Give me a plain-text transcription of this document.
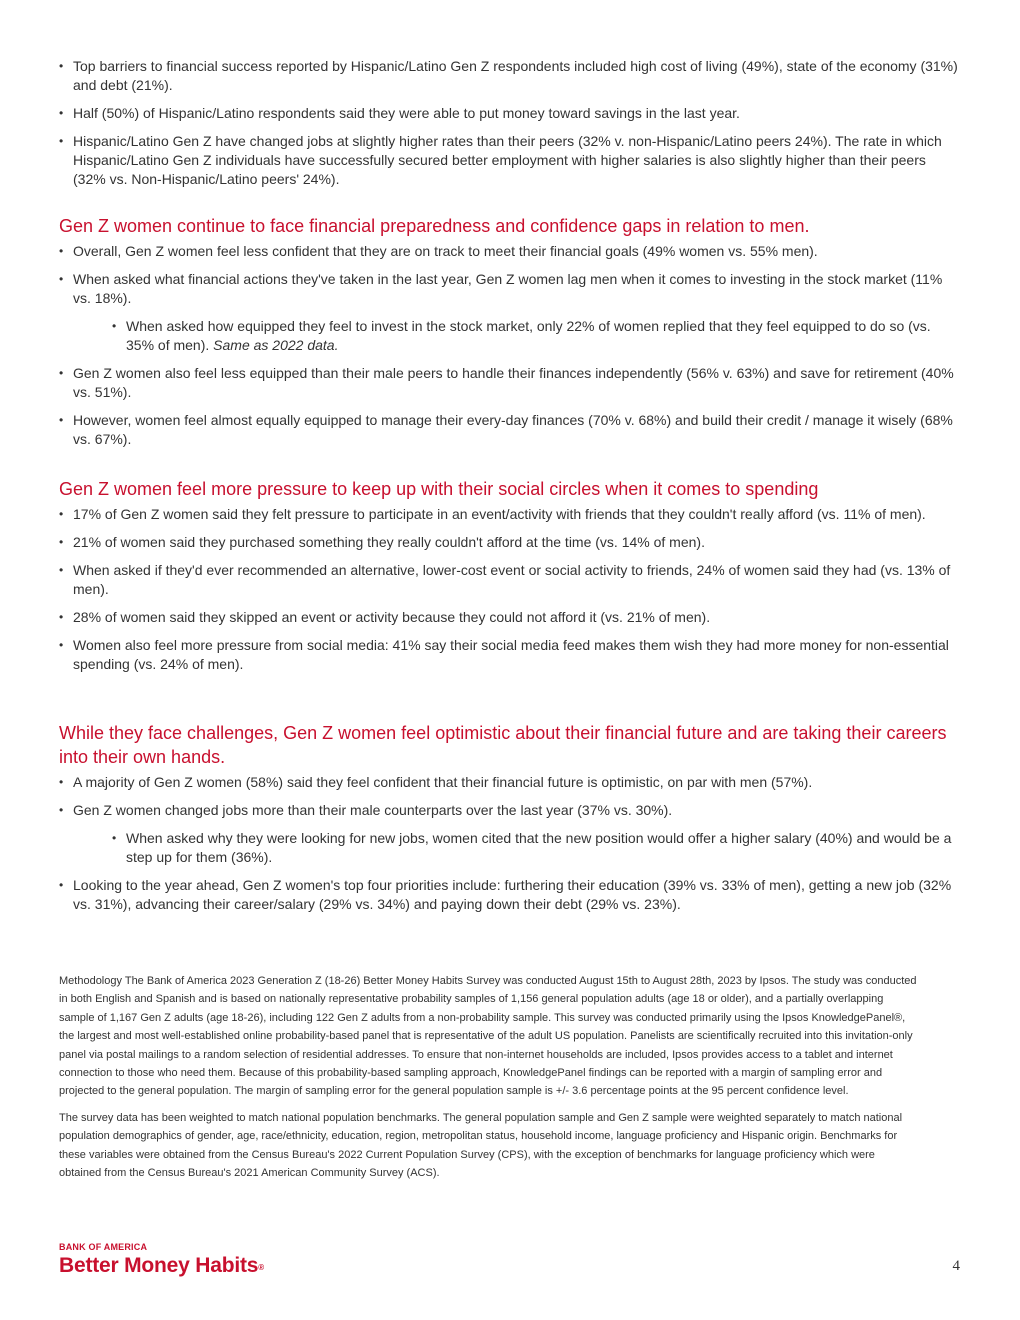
• Top barriers to financial success reported by Hispanic/Latino Gen Z respondents included high cost of living (49%), state of the economy (31%) and debt (21%).
• Half (50%) of Hispanic/Latino respondents said they were able to put money toward savings in the last year.
• Hispanic/Latino Gen Z have changed jobs at slightly higher rates than their peers (32% v. non-Hispanic/Latino peers 24%). The rate in which Hispanic/Latino Gen Z individuals have successfully secured better employment with higher salaries is also slightly higher than their peers (32% vs. Non-Hispanic/Latino peers' 24%).
Gen Z women continue to face financial preparedness and confidence gaps in relation to men.
• Overall, Gen Z women feel less confident that they are on track to meet their financial goals (49% women vs. 55% men).
• When asked what financial actions they've taken in the last year, Gen Z women lag men when it comes to investing in the stock market (11% vs. 18%).
• When asked how equipped they feel to invest in the stock market, only 22% of women replied that they feel equipped to do so (vs. 35% of men). Same as 2022 data.
• Gen Z women also feel less equipped than their male peers to handle their finances independently (56% v. 63%) and save for retirement (40% vs. 51%).
• However, women feel almost equally equipped to manage their every-day finances (70% v. 68%) and build their credit / manage it wisely (68% vs. 67%).
Gen Z women feel more pressure to keep up with their social circles when it comes to spending
• 17% of Gen Z women said they felt pressure to participate in an event/activity with friends that they couldn't really afford (vs. 11% of men).
• 21% of women said they purchased something they really couldn't afford at the time (vs. 14% of men).
• When asked if they'd ever recommended an alternative, lower-cost event or social activity to friends, 24% of women said they had (vs. 13% of men).
• 28% of women said they skipped an event or activity because they could not afford it (vs. 21% of men).
• Women also feel more pressure from social media: 41% say their social media feed makes them wish they had more money for non-essential spending (vs. 24% of men).
While they face challenges, Gen Z women feel optimistic about their financial future and are taking their careers into their own hands.
• A majority of Gen Z women (58%) said they feel confident that their financial future is optimistic, on par with men (57%).
• Gen Z women changed jobs more than their male counterparts over the last year (37% vs. 30%).
• When asked why they were looking for new jobs, women cited that the new position would offer a higher salary (40%) and would be a step up for them (36%).
• Looking to the year ahead, Gen Z women's top four priorities include: furthering their education (39% vs. 33% of men), getting a new job (32% vs. 31%), advancing their career/salary (29% vs. 34%) and paying down their debt (29% vs. 23%).

Methodology The Bank of America 2023 Generation Z (18-26) Better Money Habits Survey was conducted August 15th to August 28th, 2023 by Ipsos. The study was conducted in both English and Spanish and is based on nationally representative probability samples of 1,156 general population adults (age 18 or older), and a partially overlapping sample of 1,167 Gen Z adults (age 18-26), including 122 Gen Z adults from a non-probability sample. This survey was conducted primarily using the Ipsos KnowledgePanel®, the largest and most well-established online probability-based panel that is representative of the adult US population. Panelists are scientifically recruited into this invitation-only panel via postal mailings to a random selection of residential addresses. To ensure that non-internet households are included, Ipsos provides access to a tablet and internet connection to those who need them. Because of this probability-based sampling approach, KnowledgePanel findings can be reported with a margin of sampling error and projected to the general population. The margin of sampling error for the general population sample is +/- 3.6 percentage points at the 95 percent confidence level.

The survey data has been weighted to match national population benchmarks. The general population sample and Gen Z sample were weighted separately to match national population demographics of gender, age, race/ethnicity, education, region, metropolitan status, household income, language proficiency and Hispanic origin. Benchmarks for these variables were obtained from the Census Bureau's 2022 Current Population Survey (CPS), with the exception of benchmarks for language proficiency which were obtained from the Census Bureau's 2021 American Community Survey (ACS).

BANK OF AMERICA
Better Money Habits®	4
